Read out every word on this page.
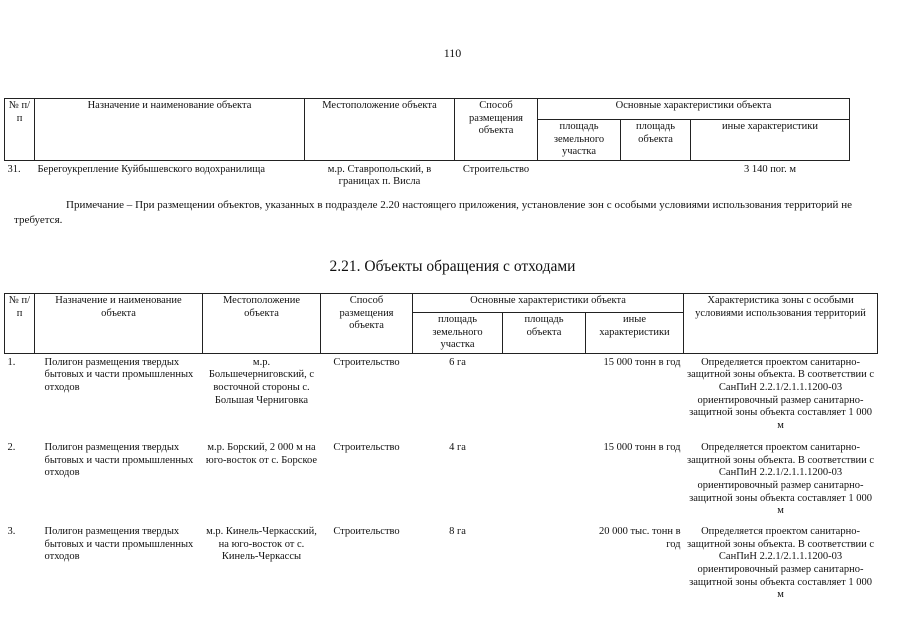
110
№ п/п	Назначение и наименование объекта	Местоположение объекта	Способ размещения объекта	Основные характеристики объекта		
				площадь земельного участка	площадь объекта	иные характеристики
31.	Берегоукрепление Куйбышевского водохранилища	м.р. Ставропольский, в границах п. Висла	Строительство			3 140 пог. м
Примечание – При размещении объектов, указанных в подразделе 2.20 настоящего приложения, установление зон с особыми условиями использования территорий не требуется.
2.21. Объекты обращения с отходами
№ п/п	Назначение и наименование объекта	Местоположение объекта	Способ размещения объекта	Основные характеристики объекта			Характеристика зоны с особыми условиями использования территорий
				площадь земельного участка	площадь объекта	иные характеристики	
1.	Полигон размещения твердых бытовых и части промышленных отходов	м.р. Большечерниговский, с восточной стороны с. Большая Черниговка	Строительство	6 га		15 000 тонн в год	Определяется проектом санитарно-защитной зоны объекта. В соответствии с СанПиН 2.2.1/2.1.1.1200-03 ориентировочный размер санитарно-защитной зоны объекта составляет 1 000 м
2.	Полигон размещения твердых бытовых и части промышленных отходов	м.р. Борский, 2 000 м на юго-восток от с. Борское	Строительство	4 га		15 000 тонн в год	Определяется проектом санитарно-защитной зоны объекта. В соответствии с СанПиН 2.2.1/2.1.1.1200-03 ориентировочный размер санитарно-защитной зоны объекта составляет 1 000 м
3.	Полигон размещения твердых бытовых и части промышленных отходов	м.р. Кинель-Черкасский, на юго-восток от с. Кинель-Черкассы	Строительство	8 га		20 000 тыс. тонн в год	Определяется проектом санитарно-защитной зоны объекта. В соответствии с СанПиН 2.2.1/2.1.1.1200-03 ориентировочный размер санитарно-защитной зоны объекта составляет 1 000 м
